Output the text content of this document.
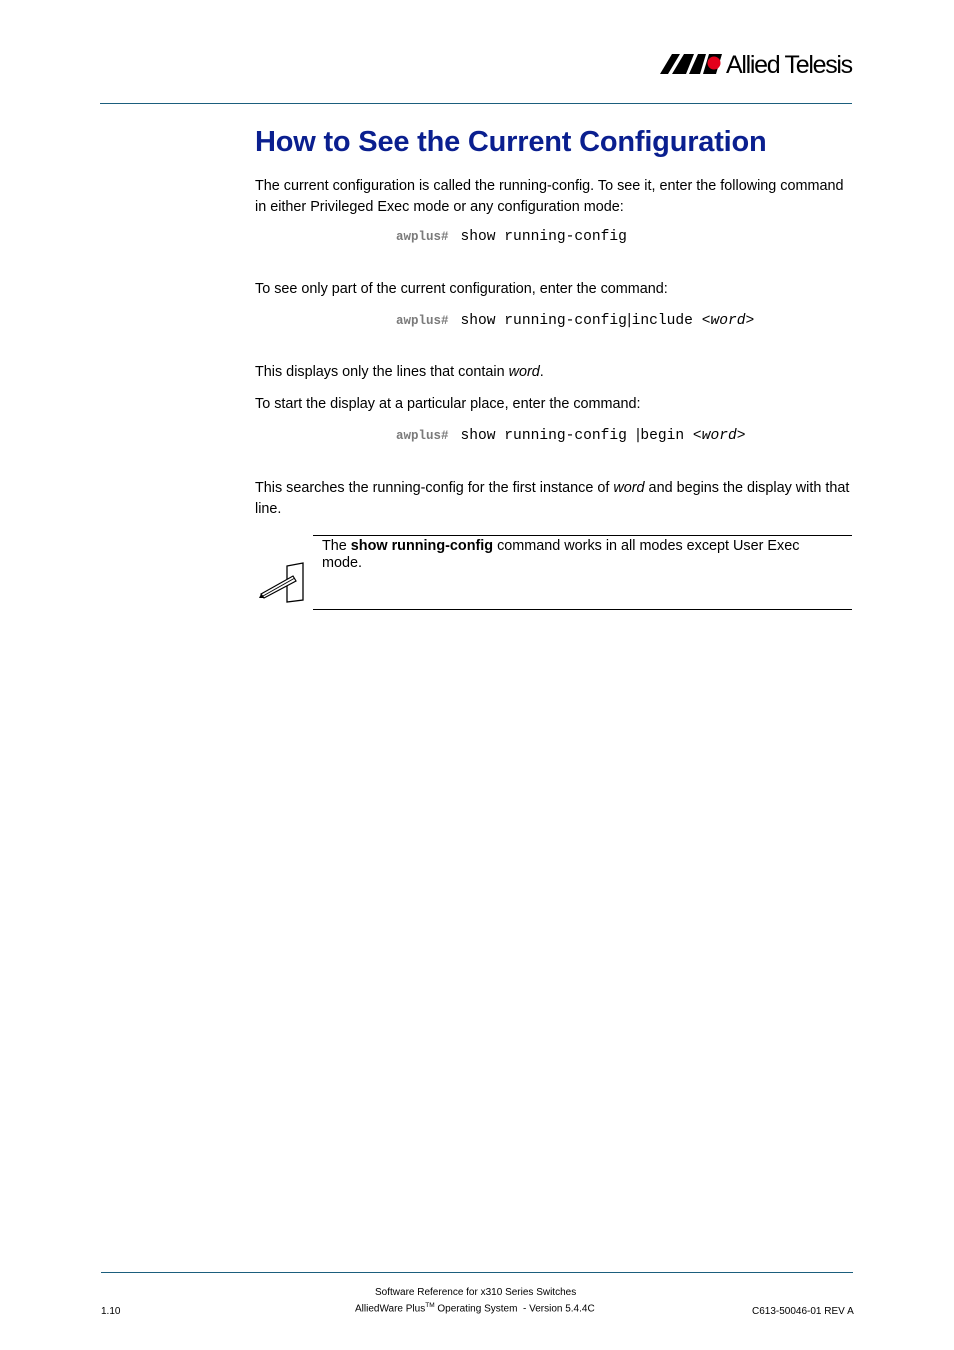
Allied Telesis
How to See the Current Configuration

The current configuration is called the running-config. To see it, enter the following command in either Privileged Exec mode or any configuration mode:

awplus# show running-config

To see only part of the current configuration, enter the command:

awplus# show running-config|include <word>

This displays only the lines that contain word.

To start the display at a particular place, enter the command:

awplus# show running-config |begin <word>

This searches the running-config for the first instance of word and begins the display with that line.

The show running-config command works in all modes except User Exec mode.

Software Reference for x310 Series Switches
1.10	AlliedWare Plus™ Operating System  - Version 5.4.4C	C613-50046-01 REV A
